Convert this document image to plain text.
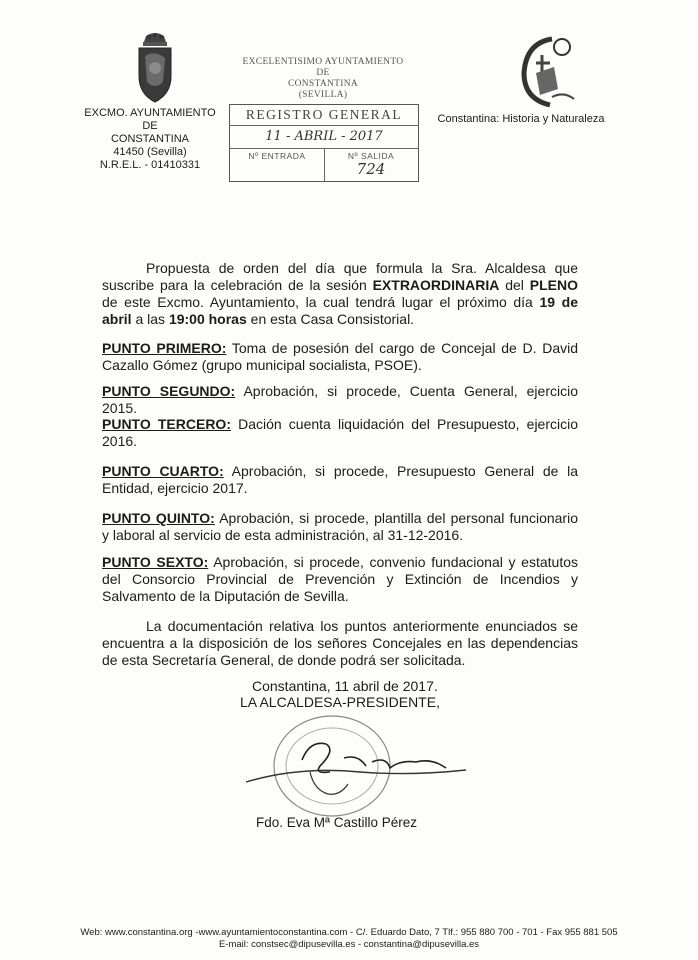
EXCMO. AYUNTAMIENTO
DE
CONSTANTINA
41450 (Sevilla)
N.R.E.L. - 01410331
EXCELENTISIMO AYUNTAMIENTO
DE
CONSTANTINA
(SEVILLA)
REGISTRO GENERAL
11 - ABRIL - 2017
Nº ENTRADA	Nº SALIDA
724
Constantina: Historia y Naturaleza
Propuesta de orden del día que formula la Sra. Alcaldesa que suscribe para la celebración de la sesión EXTRAORDINARIA del PLENO de este Excmo. Ayuntamiento, la cual tendrá lugar el próximo día 19 de abril a las 19:00 horas en esta Casa Consistorial.
PUNTO PRIMERO: Toma de posesión del cargo de Concejal de D. David Cazallo Gómez (grupo municipal socialista, PSOE).
PUNTO SEGUNDO: Aprobación, si procede, Cuenta General, ejercicio 2015.
PUNTO TERCERO: Dación cuenta liquidación del Presupuesto, ejercicio 2016.
PUNTO CUARTO: Aprobación, si procede, Presupuesto General de la Entidad, ejercicio 2017.
PUNTO QUINTO: Aprobación, si procede, plantilla del personal funcionario y laboral al servicio de esta administración, al 31-12-2016.
PUNTO SEXTO: Aprobación, si procede, convenio fundacional y estatutos del Consorcio Provincial de Prevención y Extinción de Incendios y Salvamento de la Diputación de Sevilla.
La documentación relativa los puntos anteriormente enunciados se encuentra a la disposición de los señores Concejales en las dependencias de esta Secretaría General, de donde podrá ser solicitada.
Constantina, 11 abril de 2017.
LA ALCALDESA-PRESIDENTE,
Fdo. Eva Mª Castillo Pérez
Web: www.constantina.org -www.ayuntamientoconstantina.com - C/. Eduardo Dato, 7 Tlf.: 955 880 700 - 701 - Fax 955 881 505
E-mail: constsec@dipusevilla.es - constantina@dipusevilla.es
